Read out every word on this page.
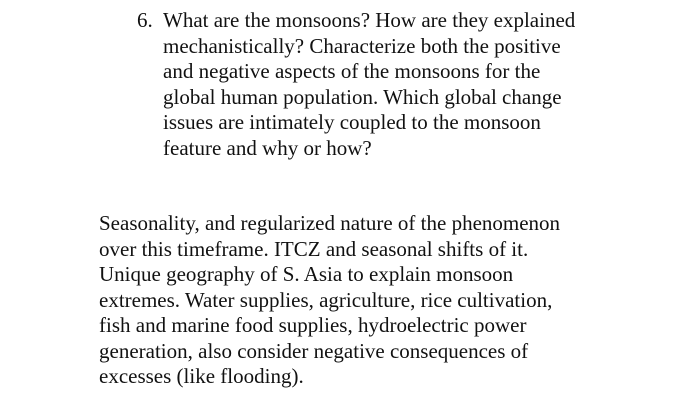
6. What are the monsoons? How are they explained
mechanistically? Characterize both the positive
and negative aspects of the monsoons for the
global human population. Which global change
issues are intimately coupled to the monsoon
feature and why or how?
Seasonality, and regularized nature of the phenomenon
over this timeframe. ITCZ and seasonal shifts of it.
Unique geography of S. Asia to explain monsoon
extremes. Water supplies, agriculture, rice cultivation,
fish and marine food supplies, hydroelectric power
generation, also consider negative consequences of
excesses (like flooding).
